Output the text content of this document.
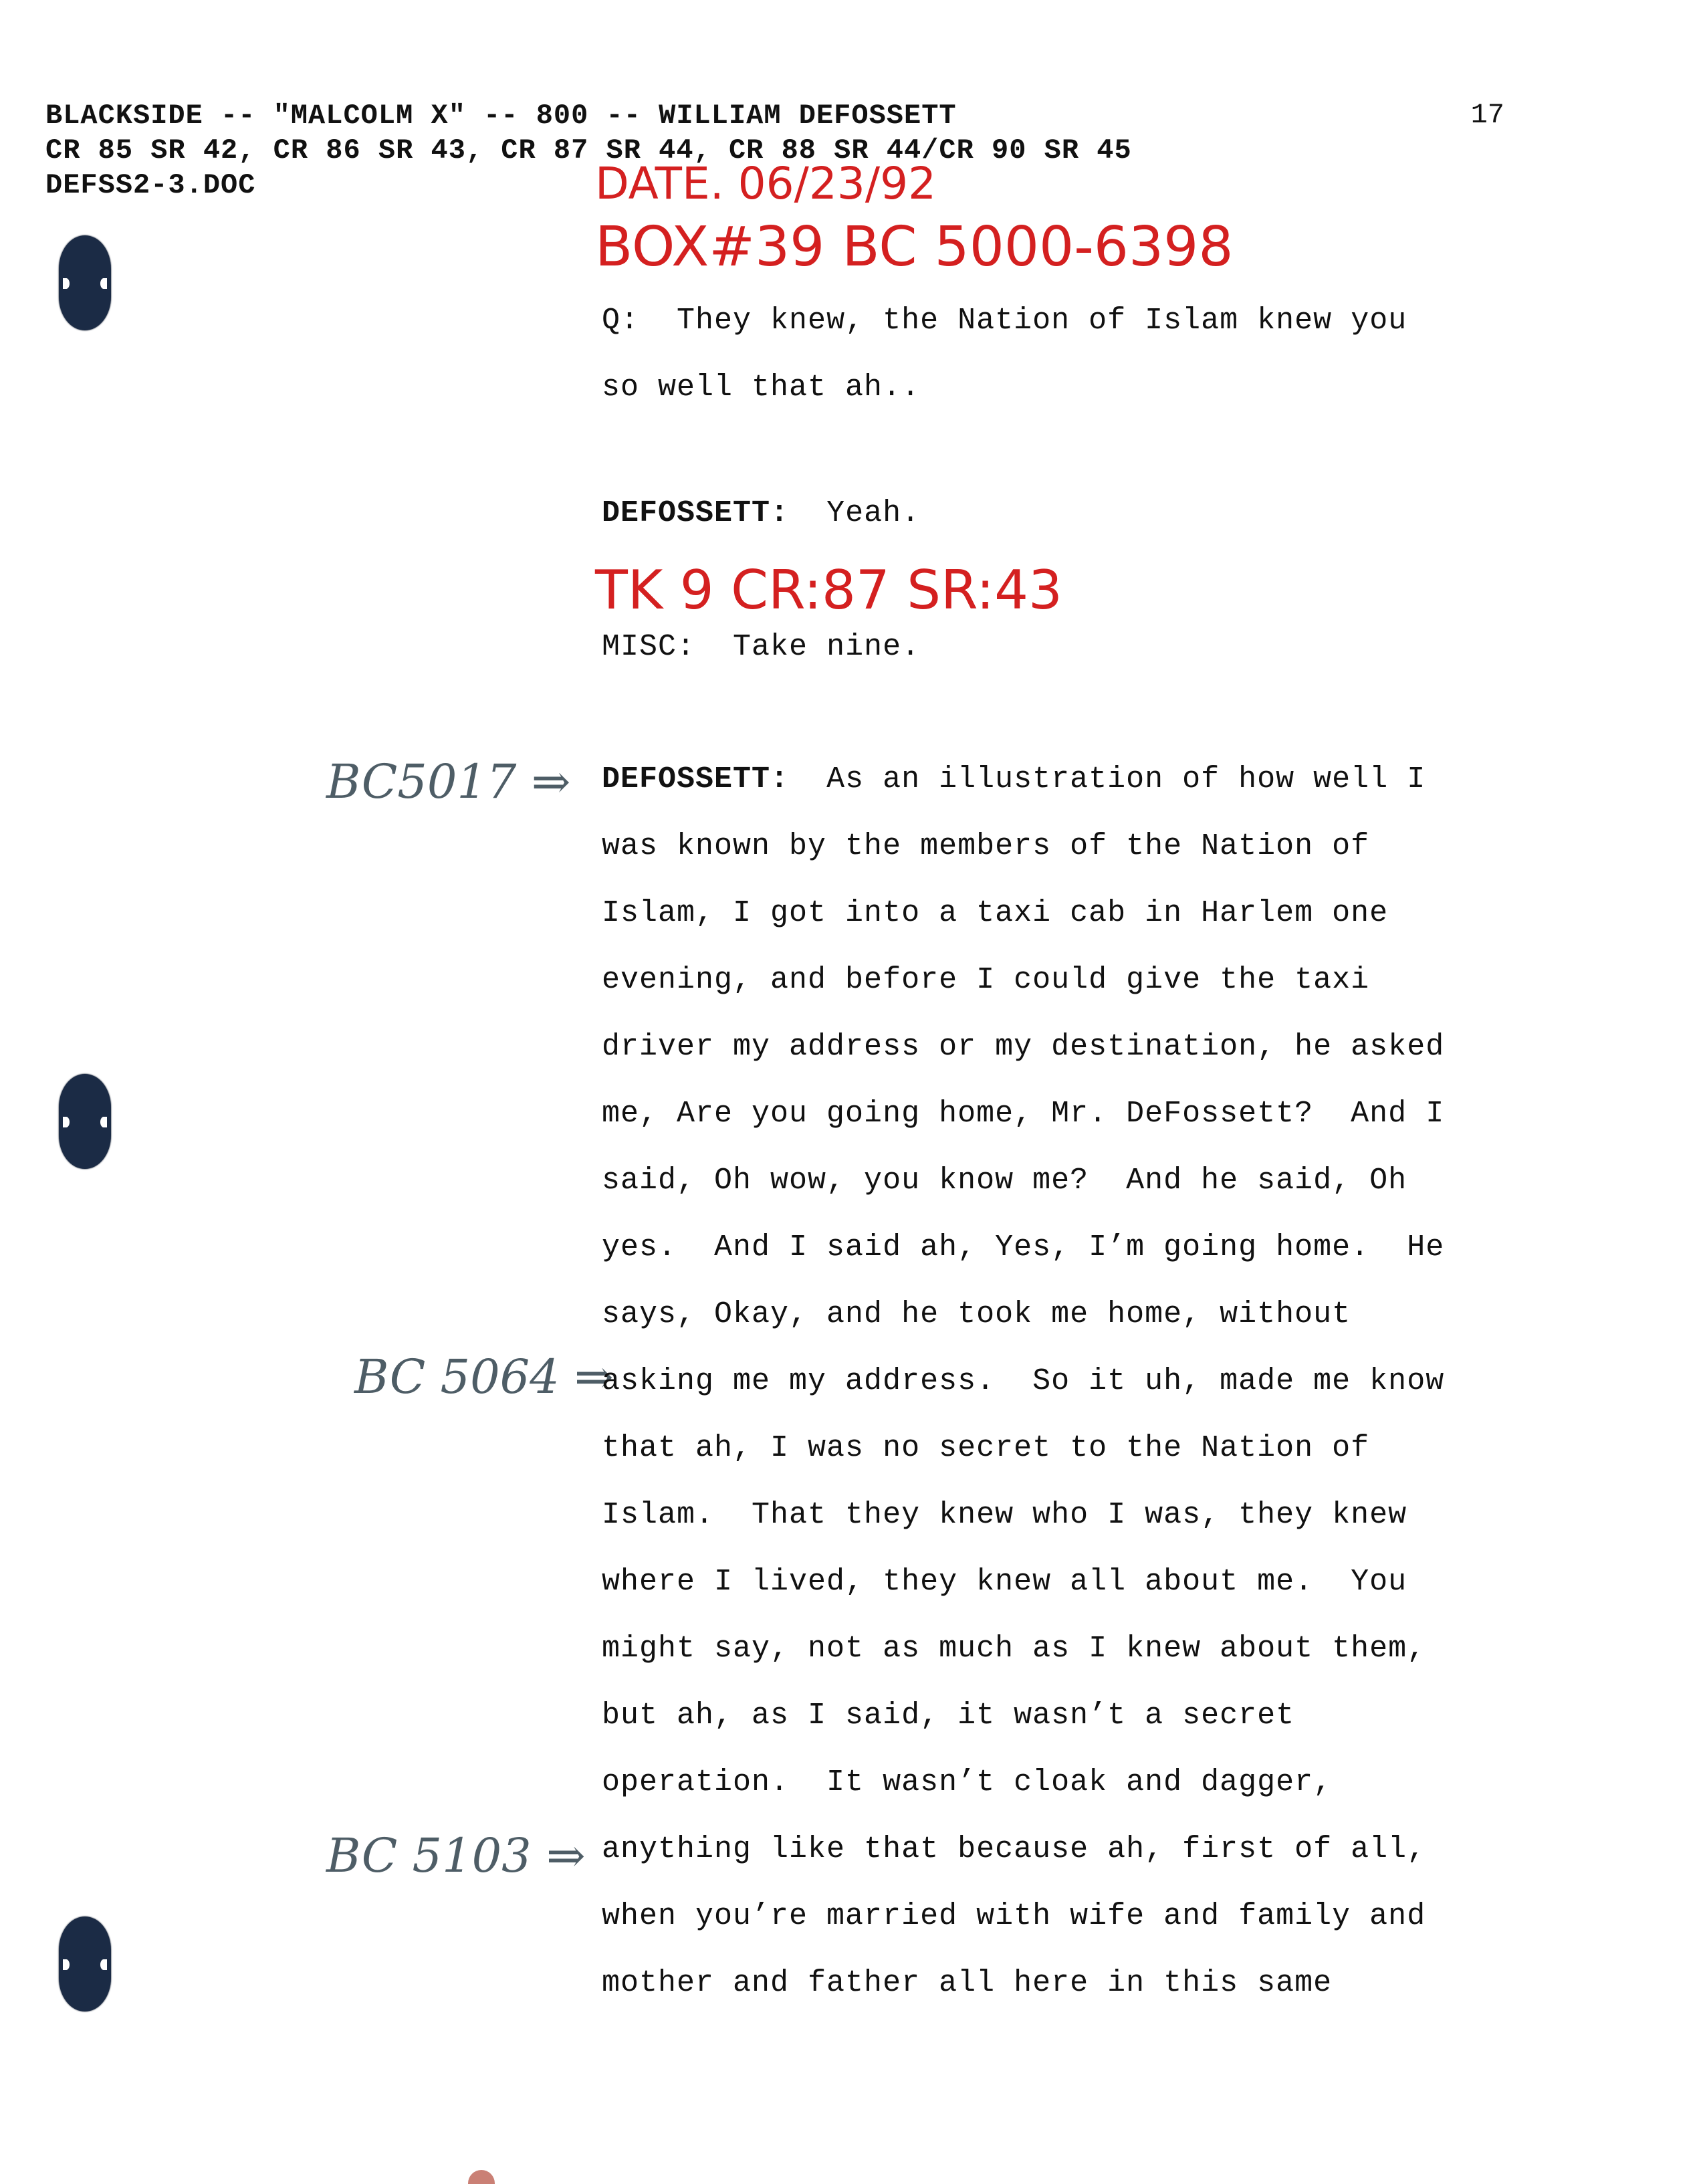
BLACKSIDE -- "MALCOLM X" -- 800 -- WILLIAM DEFOSSETT
CR 85 SR 42, CR 86 SR 43, CR 87 SR 44, CR 88 SR 44/CR 90 SR 45
DEFSS2-3.DOC
17
DATE. 06/23/92
BOX#39 BC 5000-6398
TK 9 CR:87 SR:43
BC5017 ⇒
BC 5064 ⇒
BC 5103 ⇒
Q: They knew, the Nation of Islam knew you
so well that ah..
DEFOSSETT: Yeah.
MISC: Take nine.
DEFOSSETT: As an illustration of how well I
was known by the members of the Nation of
Islam, I got into a taxi cab in Harlem one
evening, and before I could give the taxi
driver my address or my destination, he asked
me, Are you going home, Mr. DeFossett?  And I
said, Oh wow, you know me?  And he said, Oh
yes.  And I said ah, Yes, I’m going home.  He
says, Okay, and he took me home, without
asking me my address.  So it uh, made me know
that ah, I was no secret to the Nation of
Islam.  That they knew who I was, they knew
where I lived, they knew all about me.  You
might say, not as much as I knew about them,
but ah, as I said, it wasn’t a secret
operation.  It wasn’t cloak and dagger,
anything like that because ah, first of all,
when you’re married with wife and family and
mother and father all here in this same
